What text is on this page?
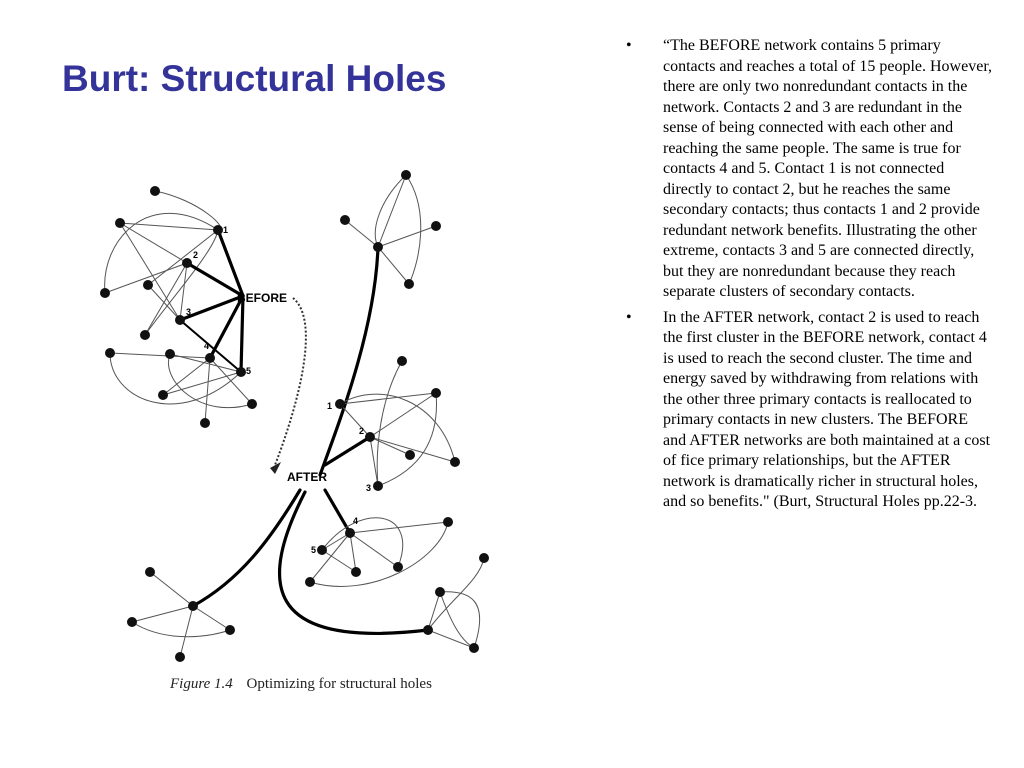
Burt: Structural Holes
BEFORE
AFTER
1
2
3
4
5
1
2
3
4
5
Figure 1.4 Optimizing for structural holes
• “The BEFORE network contains 5 primary contacts and reaches a total of 15 people. However, there are only two nonredundant contacts in the network. Contacts 2 and 3 are redundant in the sense of being connected with each other and reaching the same people. The same is true for contacts 4 and 5. Contact 1 is not connected directly to contact 2, but he reaches the same secondary contacts; thus contacts 1 and 2 provide redundant network benefits. Illustrating the other extreme, contacts 3 and 5 are connected directly, but they are nonredundant because they reach separate clusters of secondary contacts.
• In the AFTER network, contact 2 is used to reach the first cluster in the BEFORE network, contact 4 is used to reach the second cluster. The time and energy saved by withdrawing from relations with the other three primary contacts is reallocated to primary contacts in new clusters. The BEFORE and AFTER networks are both maintained at a cost of fice primary relationships, but the AFTER network is dramatically richer in structural holes, and so benefits." (Burt, Structural Holes pp.22-3.
